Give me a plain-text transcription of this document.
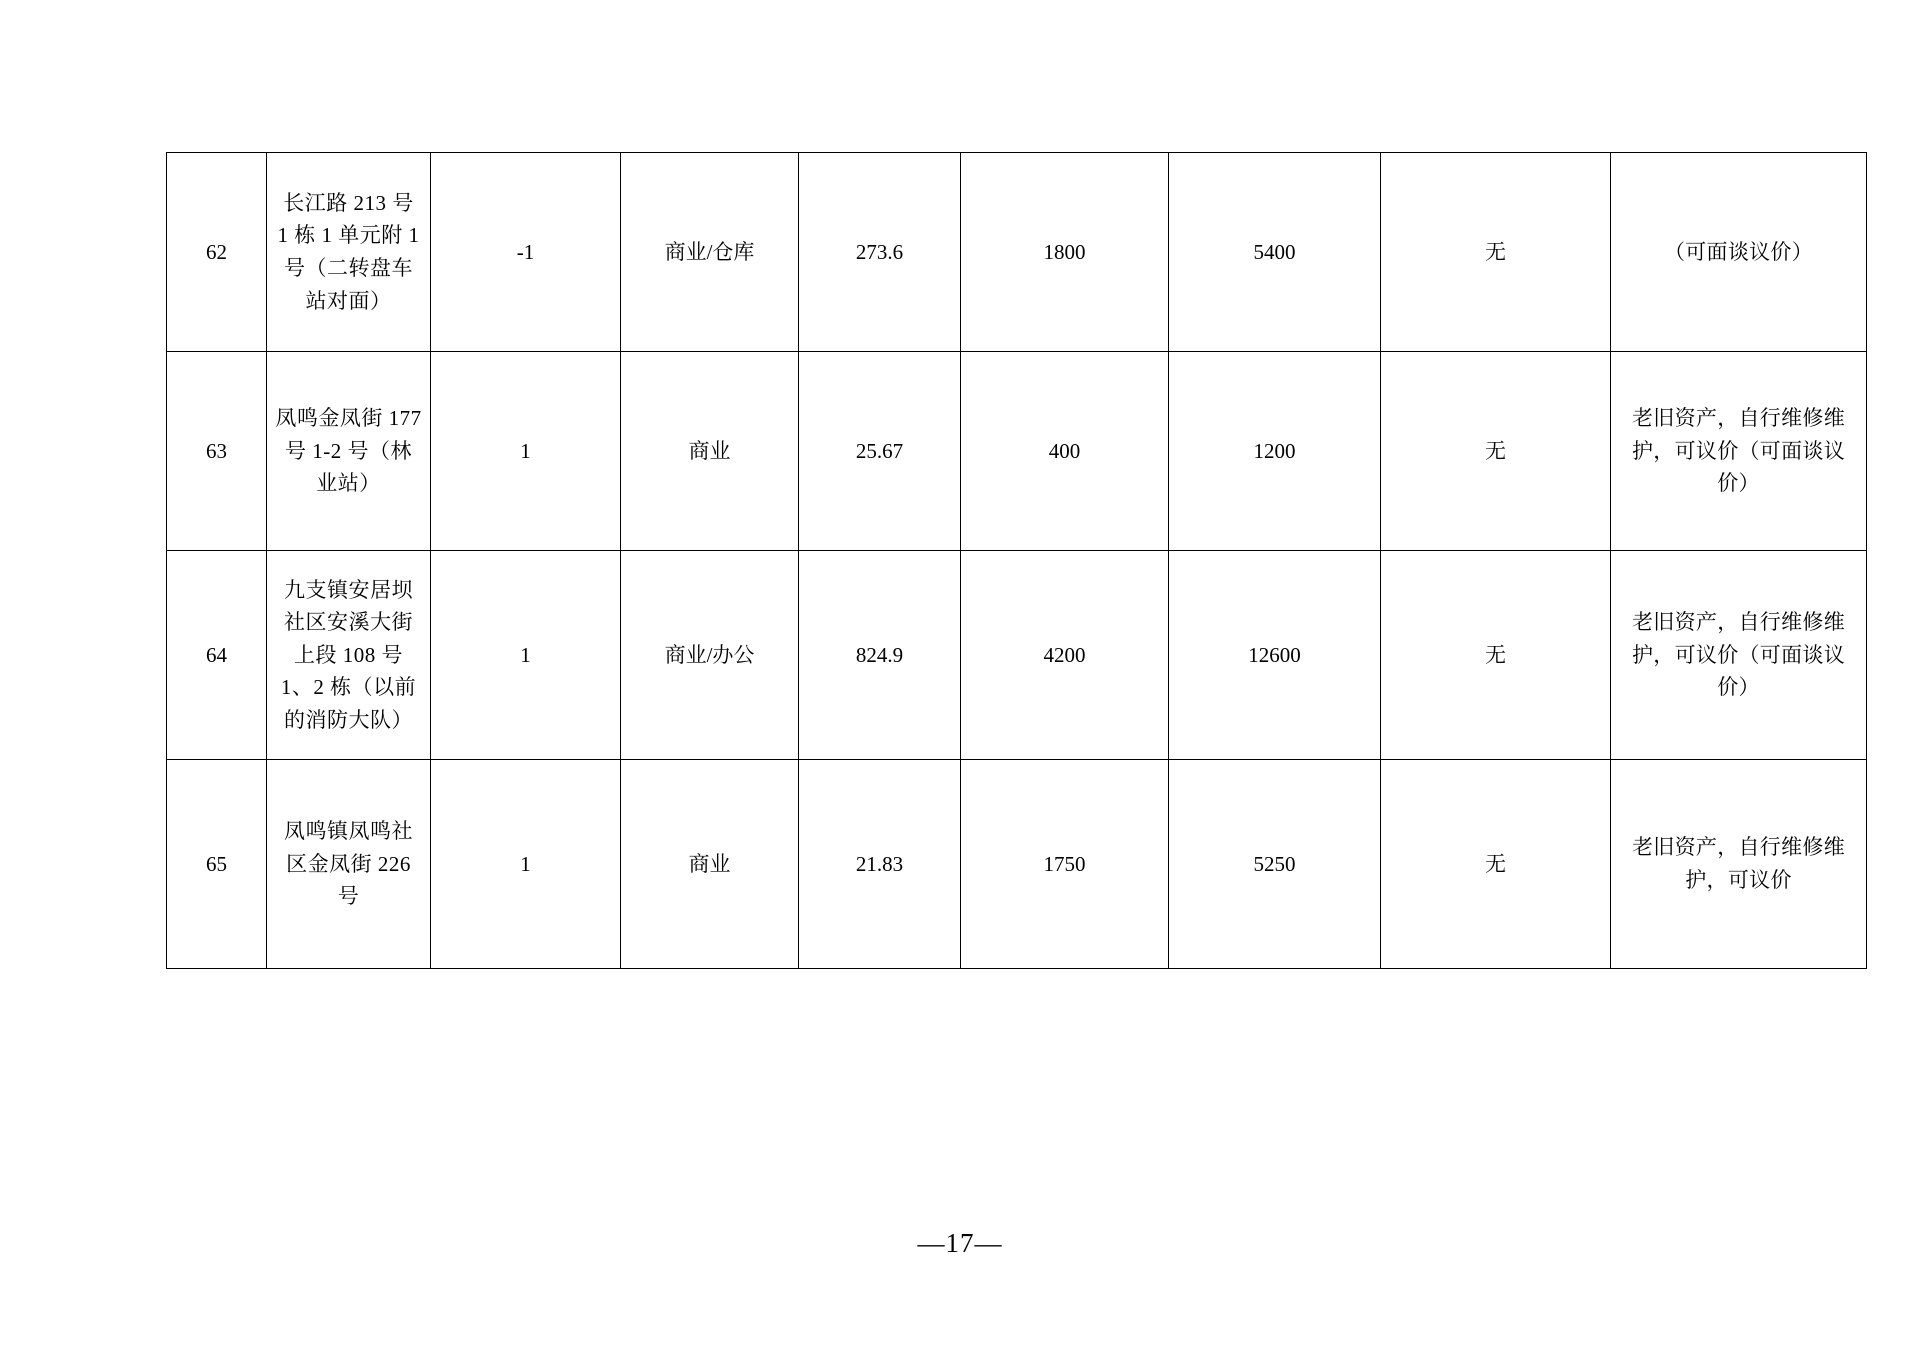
62	长江路 213 号 1 栋 1 单元附 1 号（二转盘车站对面）	-1	商业/仓库	273.6	1800	5400	无	（可面谈议价）
63	凤鸣金凤街 177 号 1-2 号（林业站）	1	商业	25.67	400	1200	无	老旧资产，自行维修维护，可议价（可面谈议价）
64	九支镇安居坝社区安溪大街上段 108 号 1、2 栋（以前的消防大队）	1	商业/办公	824.9	4200	12600	无	老旧资产，自行维修维护，可议价（可面谈议价）
65	凤鸣镇凤鸣社区金凤街 226 号	1	商业	21.83	1750	5250	无	老旧资产，自行维修维护，可议价
—17—
